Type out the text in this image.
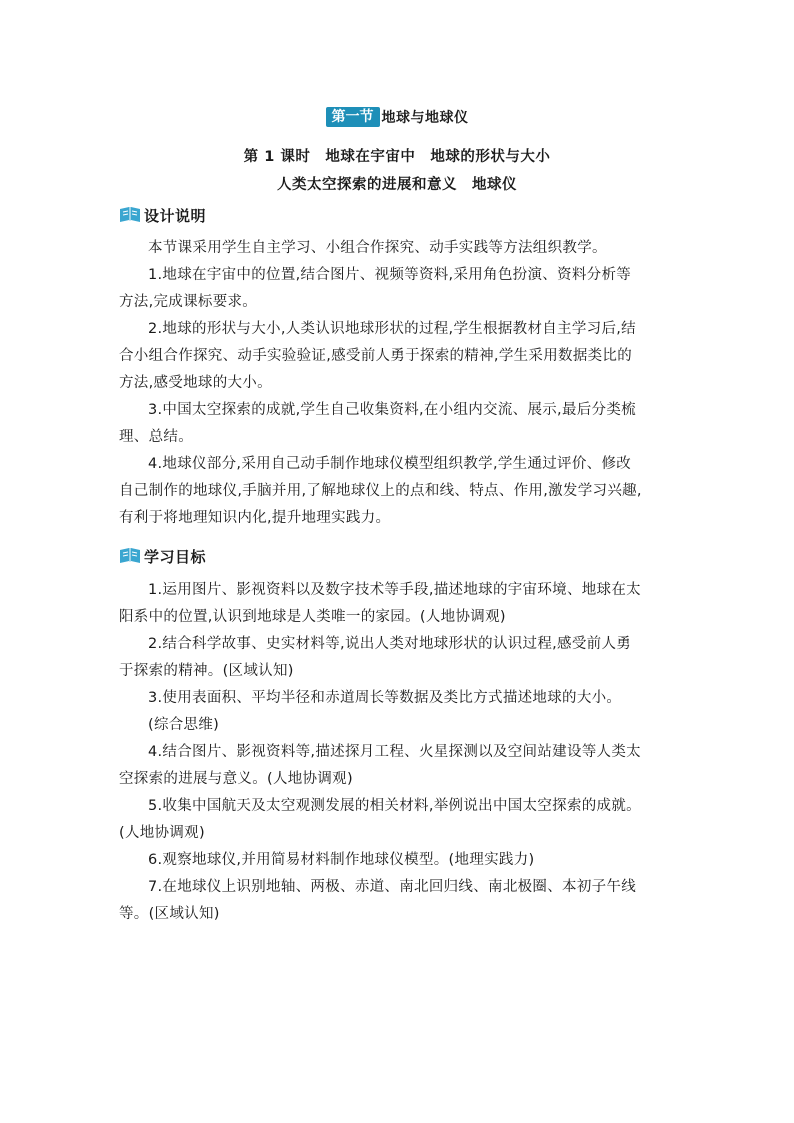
第一节 地球与地球仪
第 1 课时　地球在宇宙中　地球的形状与大小
人类太空探索的进展和意义　地球仪
设计说明
本节课采用学生自主学习、小组合作探究、动手实践等方法组织教学。
1.地球在宇宙中的位置,结合图片、视频等资料,采用角色扮演、资料分析等
方法,完成课标要求。
2.地球的形状与大小,人类认识地球形状的过程,学生根据教材自主学习后,结
合小组合作探究、动手实验验证,感受前人勇于探索的精神,学生采用数据类比的
方法,感受地球的大小。
3.中国太空探索的成就,学生自己收集资料,在小组内交流、展示,最后分类梳
理、总结。
4.地球仪部分,采用自己动手制作地球仪模型组织教学,学生通过评价、修改
自己制作的地球仪,手脑并用,了解地球仪上的点和线、特点、作用,激发学习兴趣,
有利于将地理知识内化,提升地理实践力。
学习目标
1.运用图片、影视资料以及数字技术等手段,描述地球的宇宙环境、地球在太
阳系中的位置,认识到地球是人类唯一的家园。(人地协调观)
2.结合科学故事、史实材料等,说出人类对地球形状的认识过程,感受前人勇
于探索的精神。(区域认知)
3.使用表面积、平均半径和赤道周长等数据及类比方式描述地球的大小。
(综合思维)
4.结合图片、影视资料等,描述探月工程、火星探测以及空间站建设等人类太
空探索的进展与意义。(人地协调观)
5.收集中国航天及太空观测发展的相关材料,举例说出中国太空探索的成就。
(人地协调观)
6.观察地球仪,并用简易材料制作地球仪模型。(地理实践力)
7.在地球仪上识别地轴、两极、赤道、南北回归线、南北极圈、本初子午线
等。(区域认知)
